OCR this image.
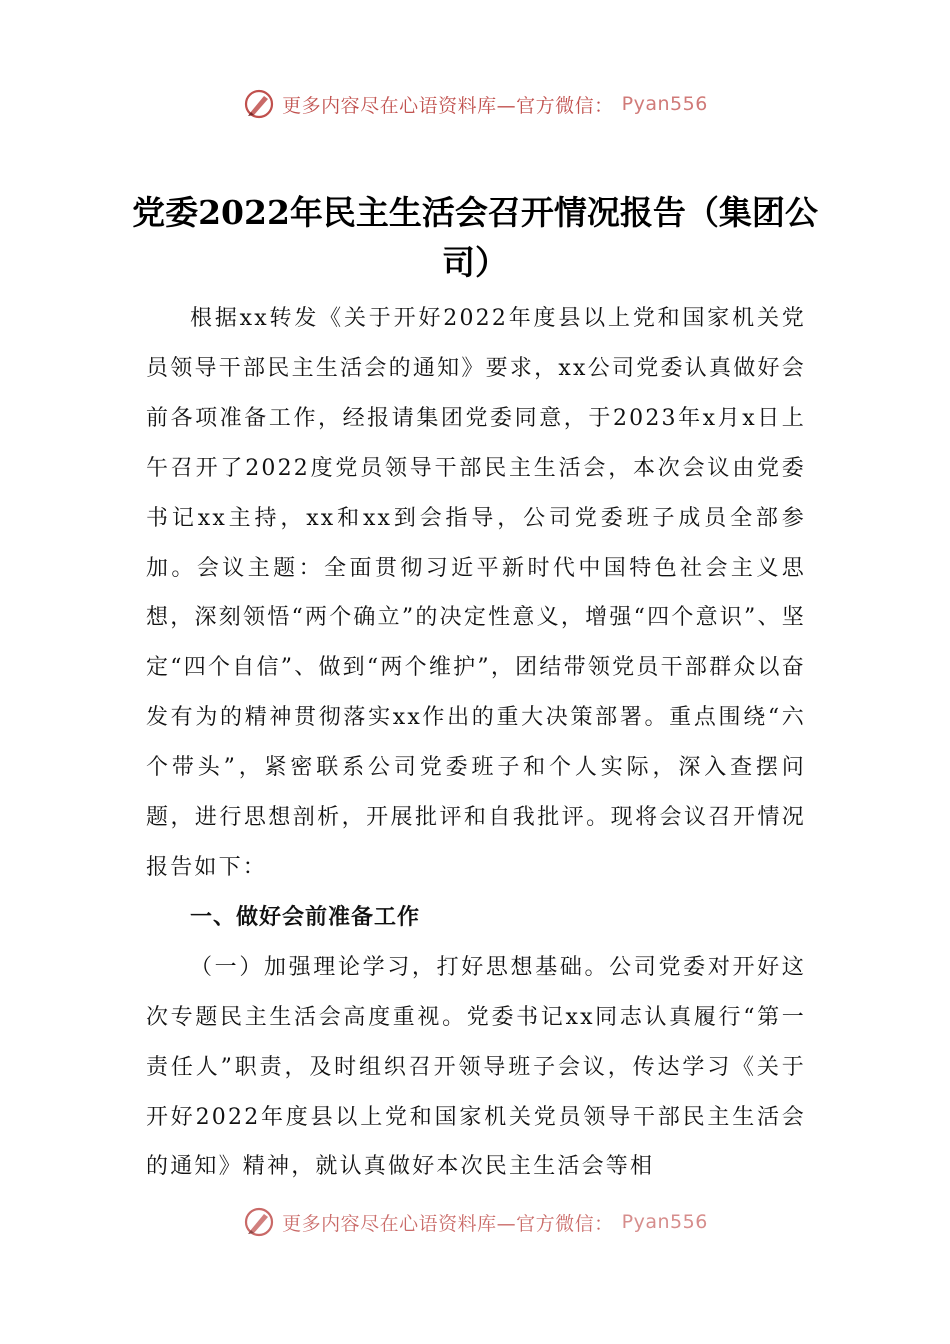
更多内容尽在心语资料库—官方微信： Pyan556
党委2022年民主生活会召开情况报告（集团公司）

根据xx转发《关于开好2022年度县以上党和国家机关党员领导干部民主生活会的通知》要求，xx公司党委认真做好会前各项准备工作，经报请集团党委同意，于2023年x月x日上午召开了2022度党员领导干部民主生活会，本次会议由党委书记xx主持，xx和xx到会指导，公司党委班子成员全部参加。会议主题：全面贯彻习近平新时代中国特色社会主义思想，深刻领悟“两个确立”的决定性意义，增强“四个意识”、坚定“四个自信”、做到“两个维护”，团结带领党员干部群众以奋发有为的精神贯彻落实xx作出的重大决策部署。重点围绕“六个带头”，紧密联系公司党委班子和个人实际，深入查摆问题，进行思想剖析，开展批评和自我批评。现将会议召开情况报告如下：

一、做好会前准备工作

（一）加强理论学习，打好思想基础。公司党委对开好这次专题民主生活会高度重视。党委书记xx同志认真履行“第一责任人”职责，及时组织召开领导班子会议，传达学习《关于开好2022年度县以上党和国家机关党员领导干部民主生活会的通知》精神，就认真做好本次民主生活会等相

更多内容尽在心语资料库—官方微信： Pyan556
